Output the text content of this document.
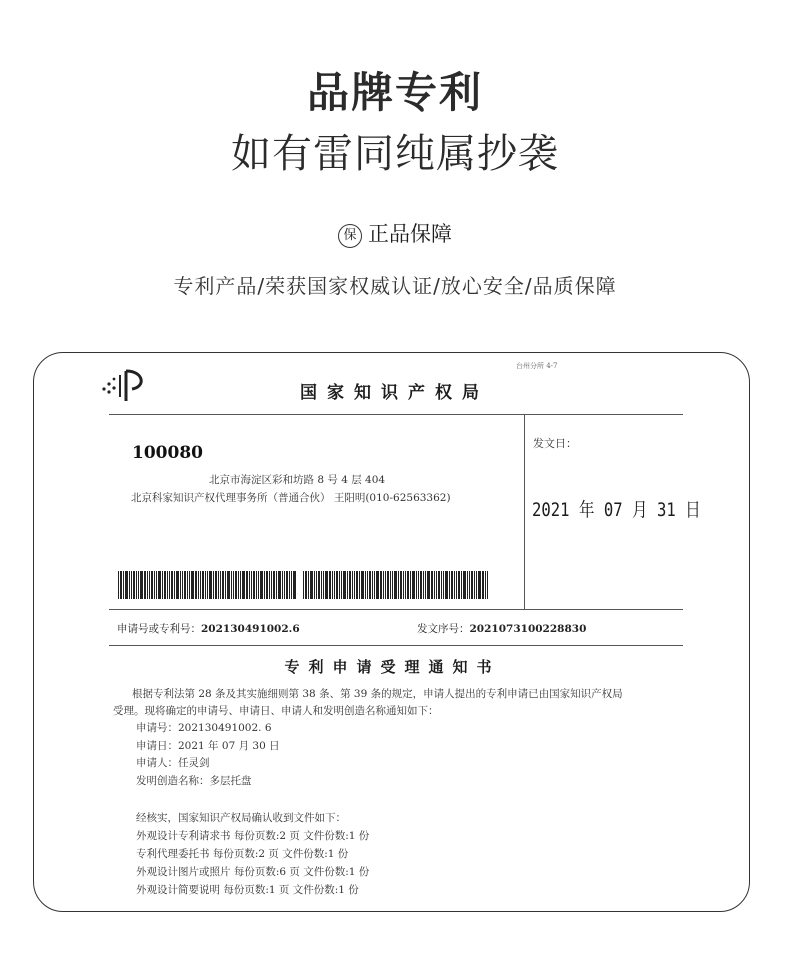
品牌专利
如有雷同纯属抄袭
保 正品保障
专利产品/荣获国家权威认证/放心安全/品质保障
台州分所 4-7
国家知识产权局
100080
北京市海淀区彩和坊路 8 号 4 层 404
北京科家知识产权代理事务所（普通合伙） 王阳明(010-62563362)
发文日：
2021 年 07 月 31 日
申请号或专利号：202130491002.6	发文序号：2021073100228830
专利申请受理通知书
根据专利法第 28 条及其实施细则第 38 条、第 39 条的规定，申请人提出的专利申请已由国家知识产权局
受理。现将确定的申请号、申请日、申请人和发明创造名称通知如下：
申请号：202130491002. 6
申请日：2021 年 07 月 30 日
申请人：任灵剑
发明创造名称：多层托盘
经核实，国家知识产权局确认收到文件如下：
外观设计专利请求书 每份页数:2 页 文件份数:1 份
专利代理委托书 每份页数:2 页 文件份数:1 份
外观设计图片或照片 每份页数:6 页 文件份数:1 份
外观设计简要说明 每份页数:1 页 文件份数:1 份
